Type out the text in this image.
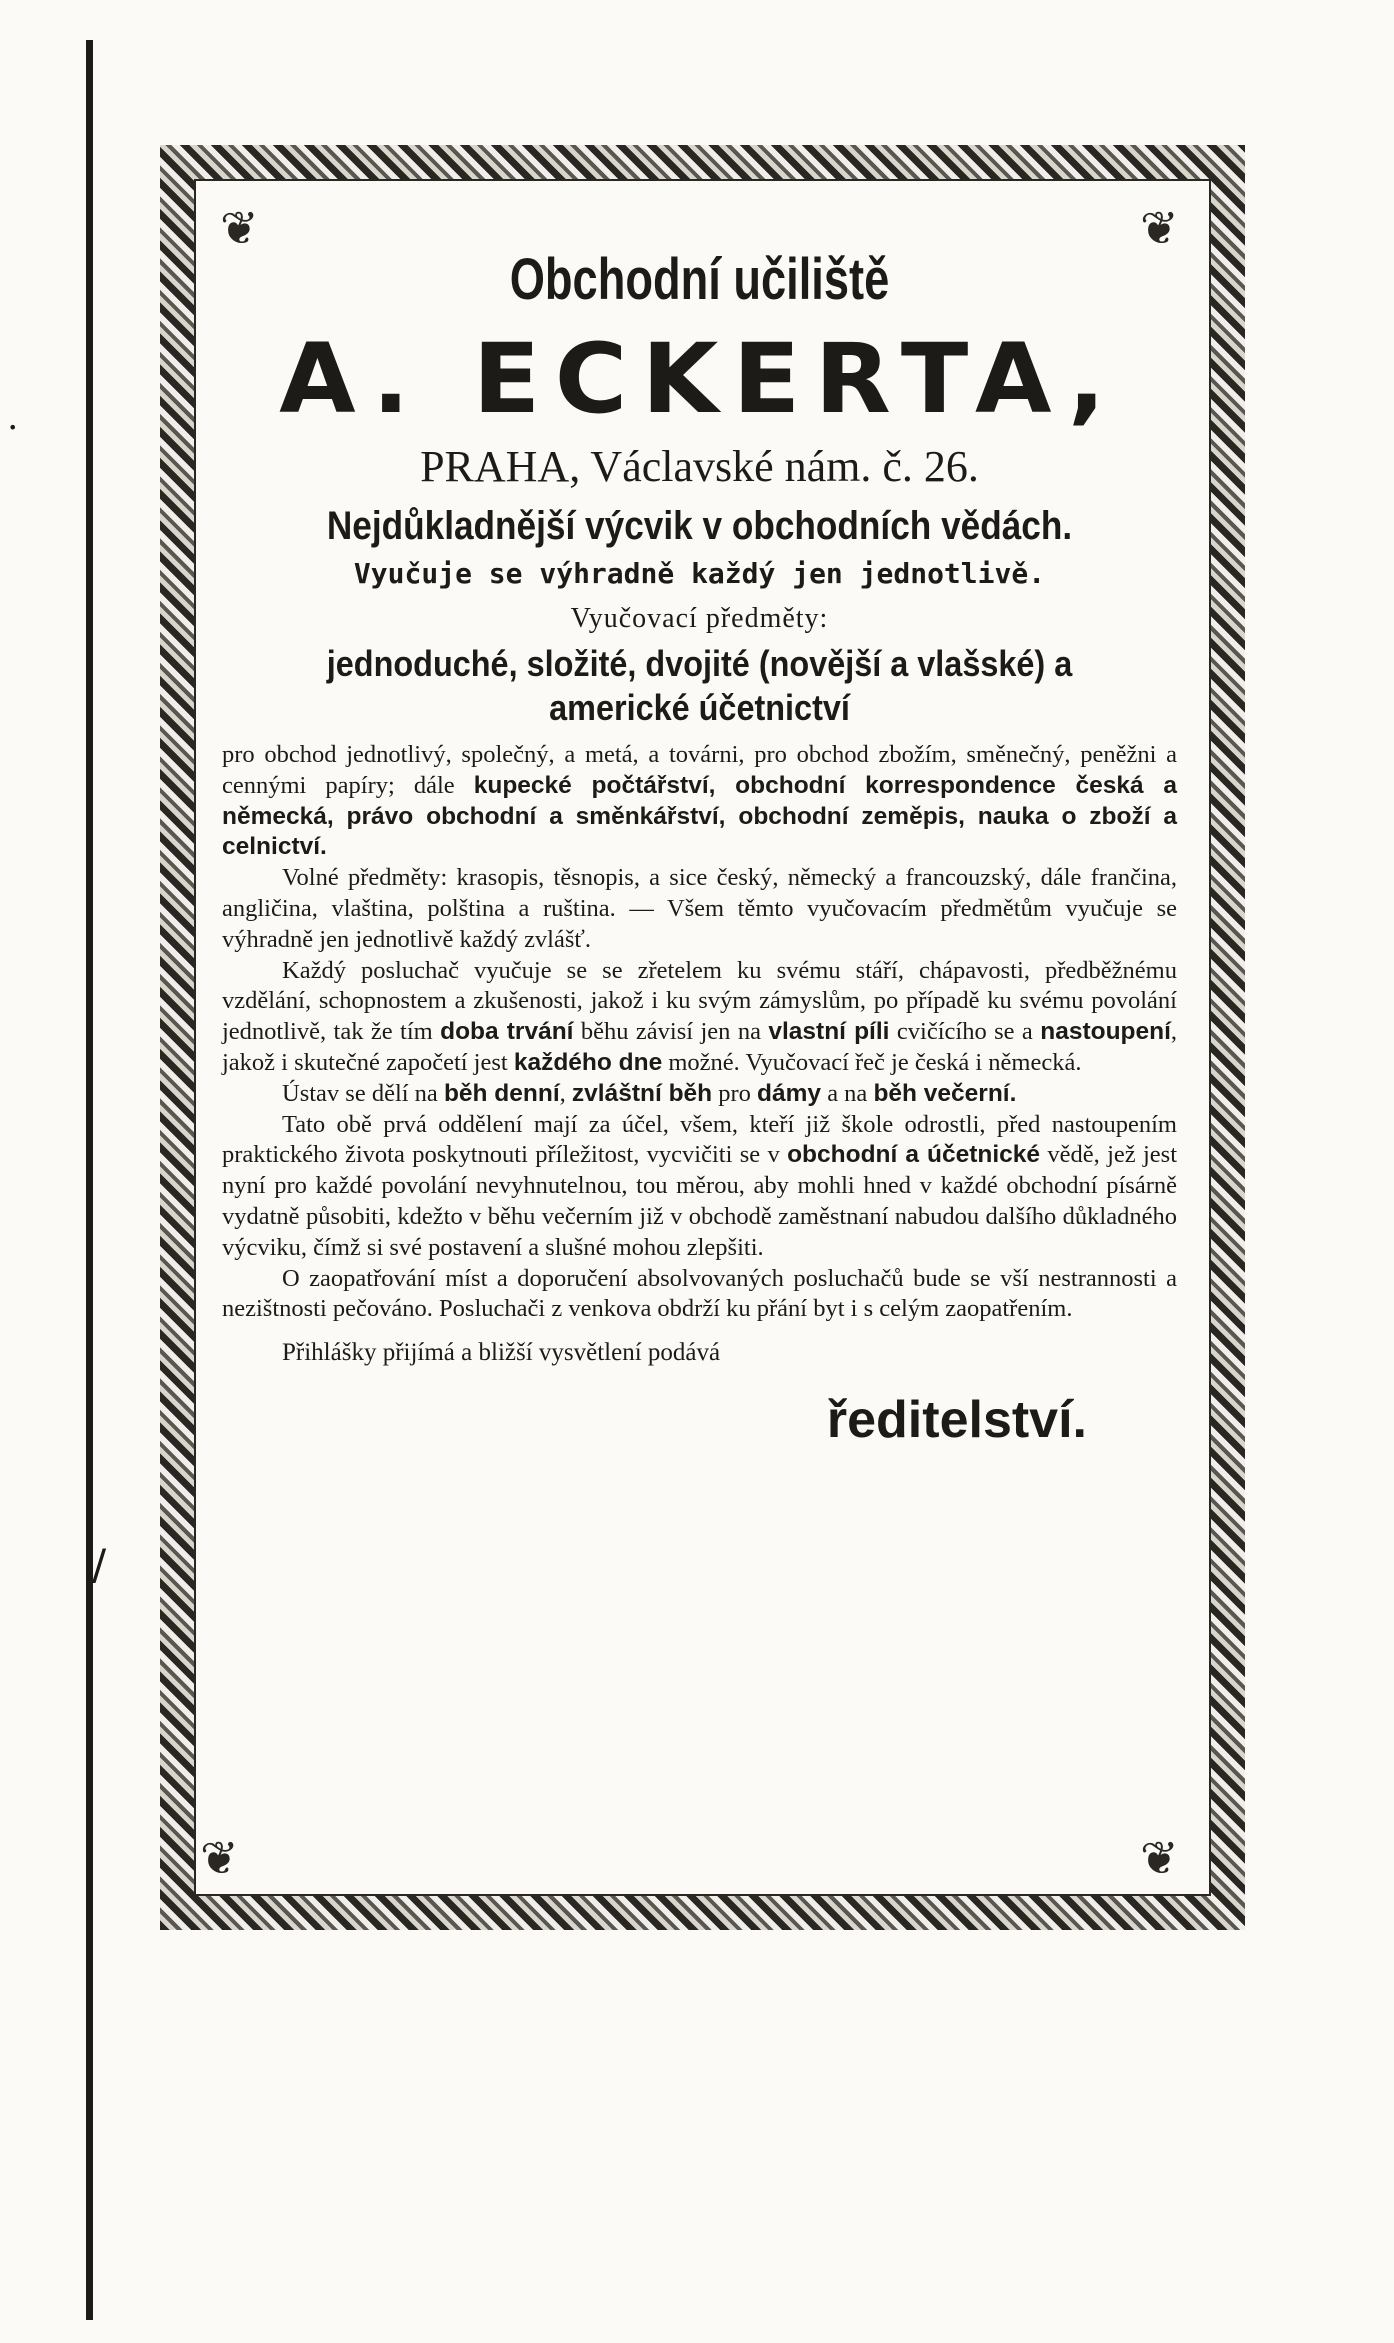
•
/
❦	❦
❦	❦
Obchodní učiliště
A. ECKERTA,
PRAHA, Václavské nám. č. 26.
Nejdůkladnější výcvik v obchodních vědách.
Vyučuje se výhradně každý jen jednotlivě.
Vyučovací předměty:
jednoduché, složité, dvojité (novější a vlašské) a americké účetnictví

pro obchod jednotlivý, společný, a metá, a továrni, pro obchod zbožím, směnečný, peněžni a cennými papíry; dále kupecké počtářství, obchodní korrespondence česká a německá, právo obchodní a směnkářství, obchodní zeměpis, nauka o zboží a celnictví.

Volné předměty: krasopis, těsnopis, a sice český, německý a francouzský, dále frančina, angličina, vlaština, polština a ruština. — Všem těmto vyučovacím předmětům vyučuje se výhradně jen jednotlivě každý zvlášť.

Každý posluchač vyučuje se se zřetelem ku svému stáří, chápavosti, předběžnému vzdělání, schopnostem a zkušenosti, jakož i ku svým zámyslům, po případě ku svému povolání jednotlivě, tak že tím doba trvání běhu závisí jen na vlastní píli cvičícího se a nastoupení, jakož i skutečné započetí jest každého dne možné. Vyučovací řeč je česká i německá.

Ústav se dělí na běh denní, zvláštní běh pro dámy a na běh večerní.

Tato obě prvá oddělení mají za účel, všem, kteří již škole odrostli, před nastoupením praktického života poskytnouti příležitost, vycvičiti se v obchodní a účetnické vědě, jež jest nyní pro každé povolání nevyhnutelnou, tou měrou, aby mohli hned v každé obchodní písárně vydatně působiti, kdežto v běhu večerním již v obchodě zaměstnaní nabudou dalšího důkladného výcviku, čímž si své postavení a slušné mohou zlepšiti.

O zaopatřování míst a doporučení absolvovaných posluchačů bude se vší nestrannosti a nezištnosti pečováno. Posluchači z venkova obdrží ku přání byt i s celým zaopatřením.

Přihlášky přijímá a bližší vysvětlení podává
ředitelství.
